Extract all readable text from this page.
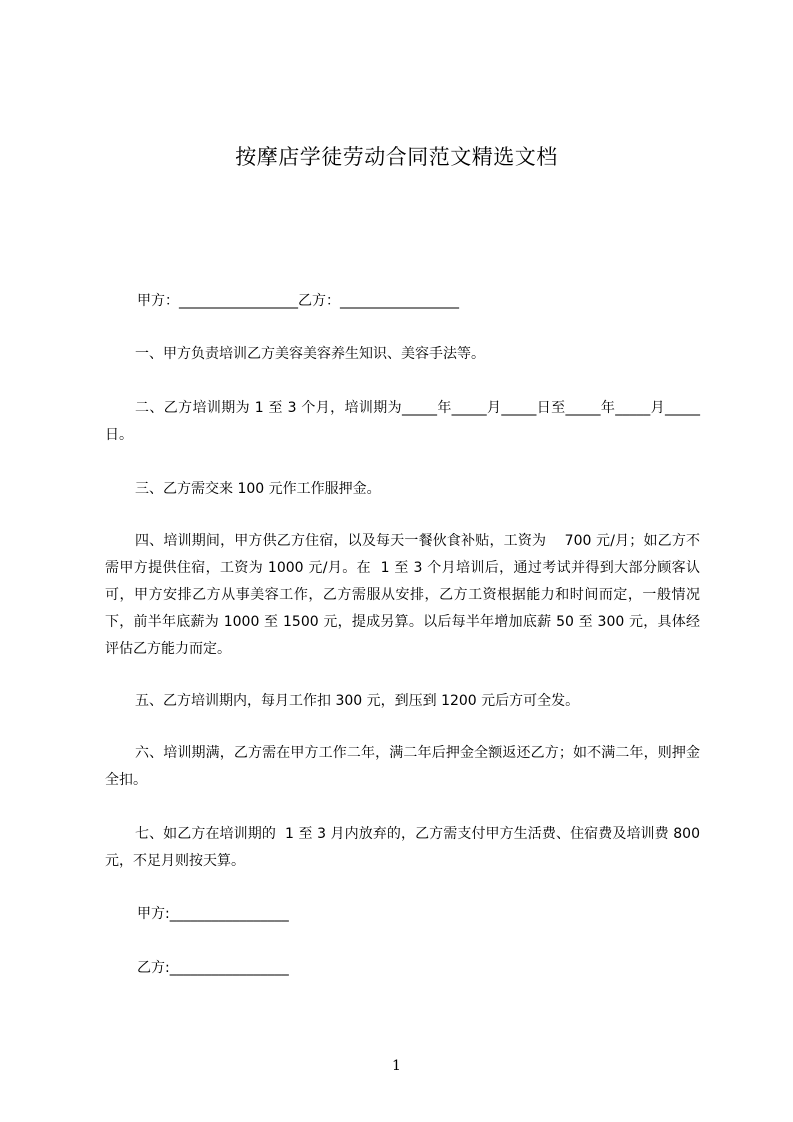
按摩店学徒劳动合同范文精选文档
甲方：_________________乙方：_________________
一、甲方负责培训乙方美容美容养生知识、美容手法等。
二、乙方培训期为 1 至 3 个月，培训期为_____年_____月_____日至_____年_____月_____日。
三、乙方需交来 100 元作工作服押金。
四、培训期间，甲方供乙方住宿，以及每天一餐伙食补贴，工资为    700 元/月；如乙方不需甲方提供住宿，工资为 1000 元/月。在  1 至 3 个月培训后，通过考试并得到大部分顾客认可，甲方安排乙方从事美容工作，乙方需服从安排，乙方工资根据能力和时间而定，一般情况下，前半年底薪为 1000 至 1500 元，提成另算。以后每半年增加底薪 50 至 300 元，具体经评估乙方能力而定。
五、乙方培训期内，每月工作扣 300 元，到压到 1200 元后方可全发。
六、培训期满，乙方需在甲方工作二年，满二年后押金全额返还乙方；如不满二年，则押金全扣。
七、如乙方在培训期的  1 至 3 月内放弃的，乙方需支付甲方生活费、住宿费及培训费 800 元，不足月则按天算。
甲方:_________________
乙方:_________________
1
